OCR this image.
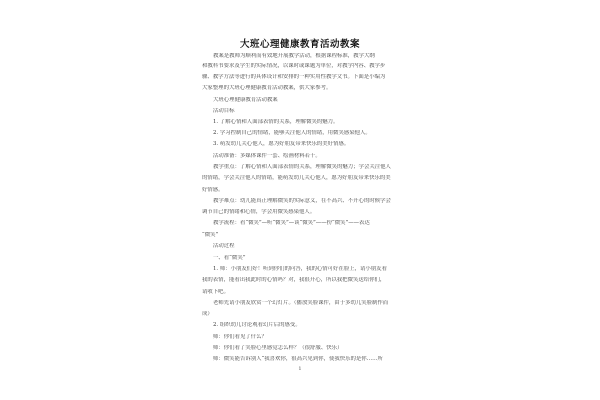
大班心理健康教育活动教案
教案是教师为顺利而有效地开展教学活动，根据课程标准，教学大纲
和教科书要求及学生的实际情况，以课时或课题为单位，对教学内容、教学步
骤、教学方法等进行的具体设计和安排的一种实用性教学文书。下面是小编为
大家整理的大班心理健康教育活动教案，供大家参考。
大班心理健康教育活动教案
活动目标
1. 了解心情和人面部表情的关系，理解微笑的魅力。
2. 学习控制自己的情绪，能够关注他人的情绪，用微笑感染他人。
3. 萌发幼儿关心他人，愿为好朋友带来快乐的美好情感。
活动准备：多媒体课件一套、绘画材料若干。
教学重点：了解心情和人面部表情的关系，理解微笑的魅力；学会关注他人
的情绪，学会关注他人的情绪，能萌发幼儿关心他人，愿为好朋友带来快乐的美
好情感。
教学难点：幼儿能真正理解微笑的实际意义，在不高兴、不开心的时候学会
调节自己的情绪和心情，学会用微笑感染他人。
教学流程：看“微笑”—听“微笑”—谈“微笑”——扮“微笑”——表达
“微笑”
活动过程
一、看“微笑”
1. 师：小朋友们好！听到你们的问答，我的心情可好在脸上，请小朋友看
我的表情，能看出我此时的心情吗？对，我很开心，所以我把微笑送给你们，
请收下吧。
老师先请小朋友欣赏一个幻灯片。（播放笑脸课件，由于多幼儿笑脸制作而
成）
2. 组织幼儿讨论观看幻片后的感受。
师：你们看见了什么？
师：你们看了笑脸心里感觉怎么样？（很舒服、快乐）
师：微笑能告诉别人“我喜欢你，很高兴见到你，使我快乐的是你……所
1
